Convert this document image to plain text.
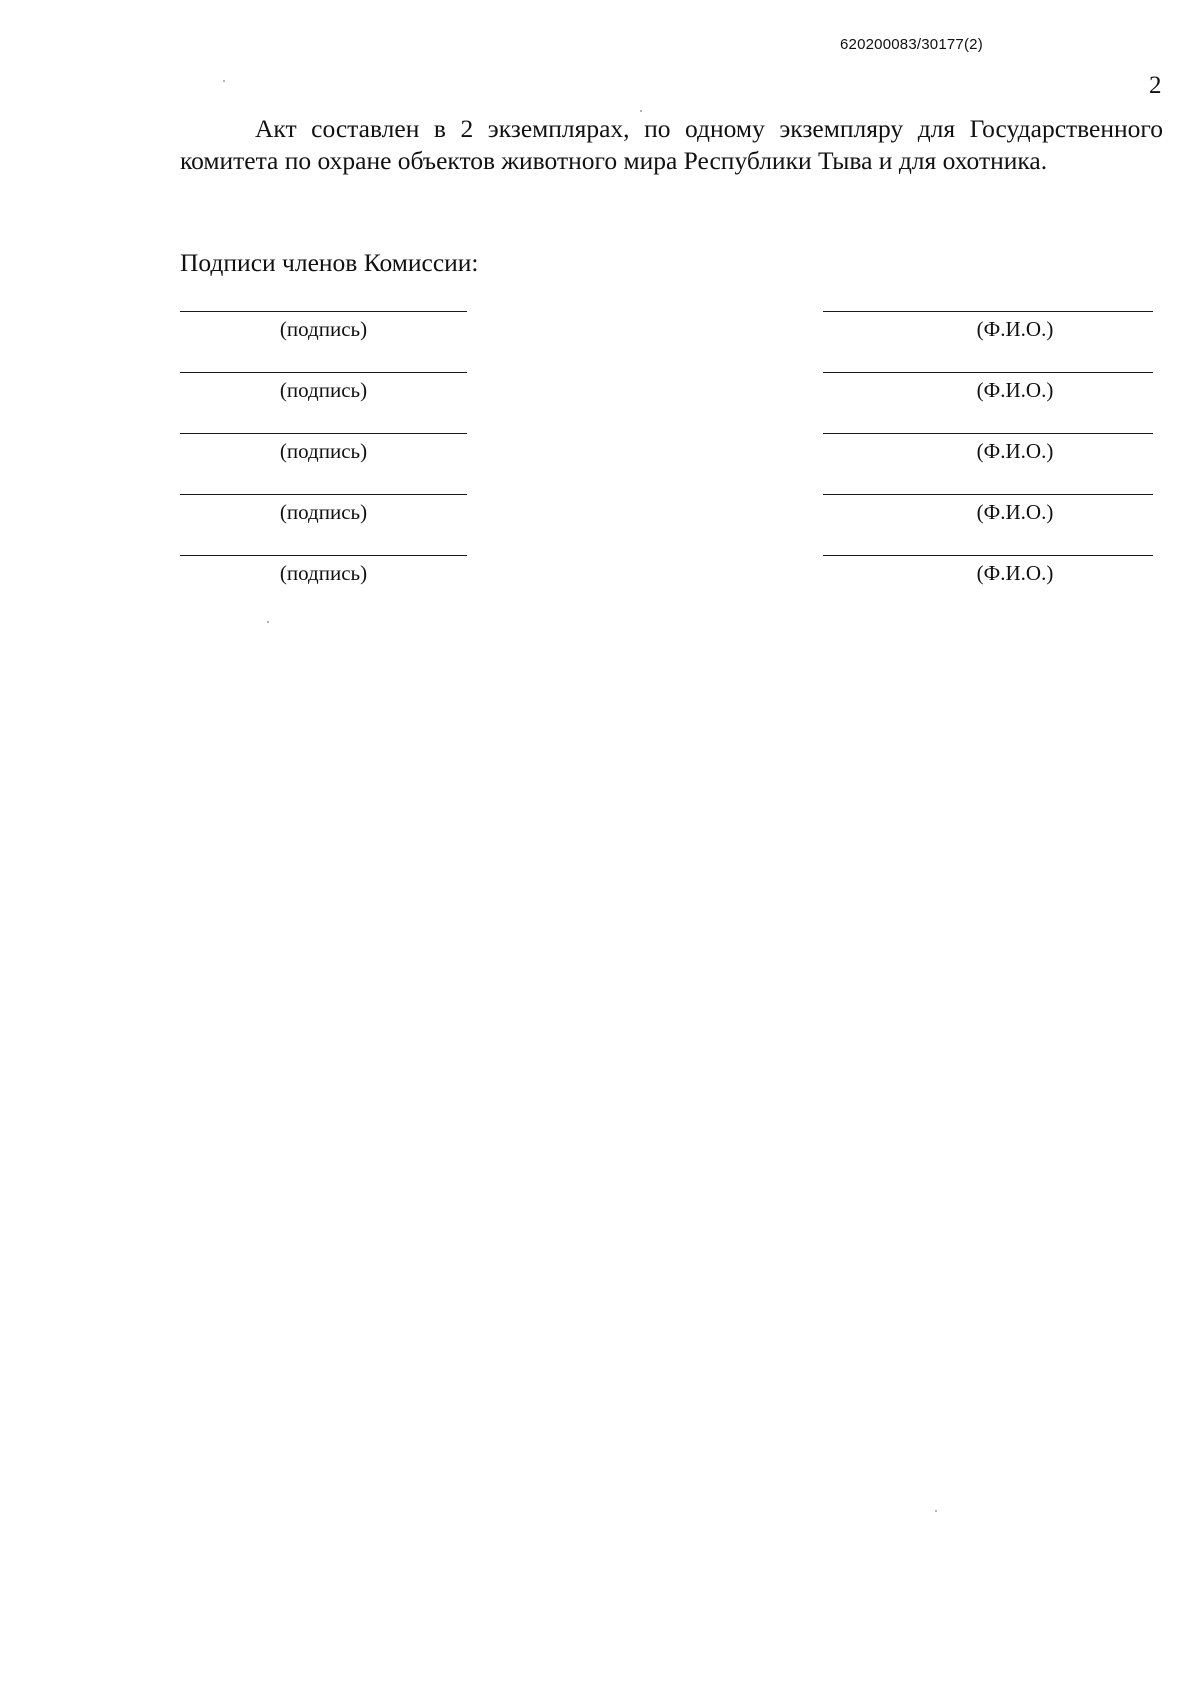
620200083/30177(2)
2

Акт составлен в 2 экземплярах, по одному экземпляру для Государственного комитета по охране объектов животного мира Республики Тыва и для охотника.

Подписи членов Комиссии:
(подпись)	(Ф.И.О.)
(подпись)	(Ф.И.О.)
(подпись)	(Ф.И.О.)
(подпись)	(Ф.И.О.)
(подпись)	(Ф.И.О.)
